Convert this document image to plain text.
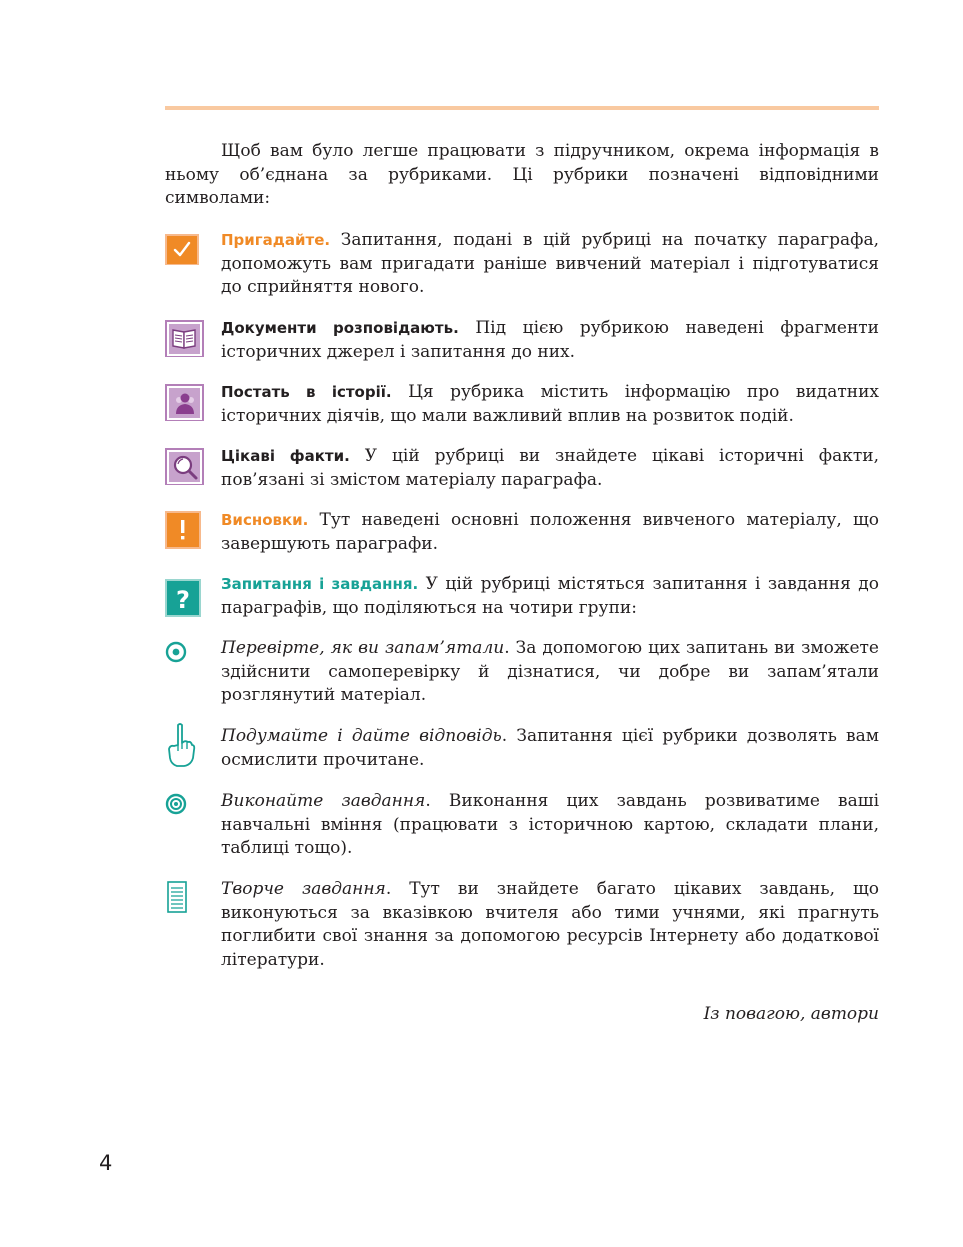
Щоб вам було легше працювати з підручником, окрема інформація в ньому об’єднана за рубриками. Ці рубрики позначені відповідними символами:

Пригадайте. Запитання, подані в цій рубриці на початку параграфа, допоможуть вам пригадати раніше вивчений матеріал і підготуватися до сприйняття нового.

Документи розповідають. Під цією рубрикою наведені фрагменти історичних джерел і запитання до них.

Постать в історії. Ця рубрика містить інформацію про видатних історичних діячів, що мали важливий вплив на розвиток подій.

Цікаві факти. У цій рубриці ви знайдете цікаві історичні факти, пов’язані зі змістом матеріалу параграфа.

Висновки. Тут наведені основні положення вивченого матеріалу, що завершують параграфи.

?

Запитання і завдання. У цій рубриці містяться запитання і завдання до параграфів, що поділяються на чотири групи:

Перевірте, як ви запам’ятали. За допомогою цих запитань ви зможете здійснити самоперевірку й дізнатися, чи добре ви запам’ятали розглянутий матеріал.

Подумайте і дайте відповідь. Запитання цієї рубрики дозволять вам осмислити прочитане.

Виконайте завдання. Виконання цих завдань розвиватиме ваші навчальні вміння (працювати з історичною картою, складати плани, таблиці тощо).

Творче завдання. Тут ви знайдете багато цікавих завдань, що виконуються за вказівкою вчителя або тими учнями, які прагнуть поглибити свої знання за допомогою ресурсів Інтернету або додаткової літератури.

Із повагою, автори

4
